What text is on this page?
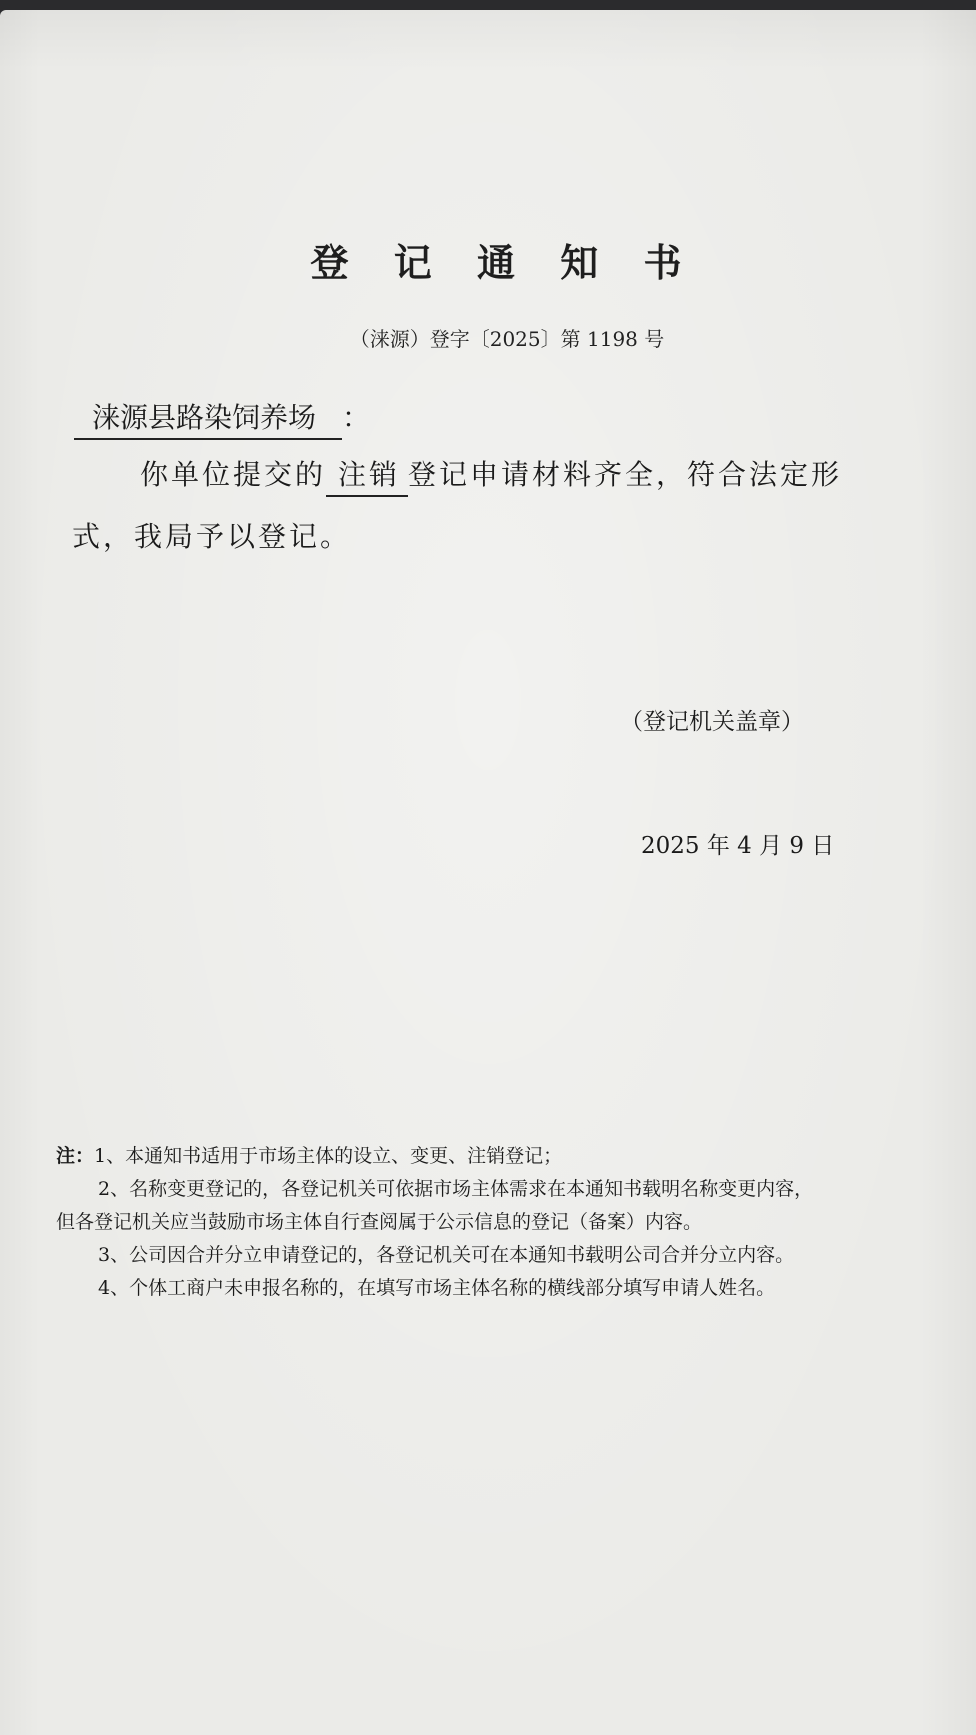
登 记 通 知 书
（涞源）登字〔2025〕第 1198 号
涞源县路染饲养场 ：
你单位提交的 注销 登记申请材料齐全，符合法定形
式，我局予以登记。
（登记机关盖章）
2025 年 4 月 9 日
注：1、本通知书适用于市场主体的设立、变更、注销登记；
2、名称变更登记的，各登记机关可依据市场主体需求在本通知书载明名称变更内容，
但各登记机关应当鼓励市场主体自行查阅属于公示信息的登记（备案）内容。
3、公司因合并分立申请登记的，各登记机关可在本通知书载明公司合并分立内容。
4、个体工商户未申报名称的，在填写市场主体名称的横线部分填写申请人姓名。
